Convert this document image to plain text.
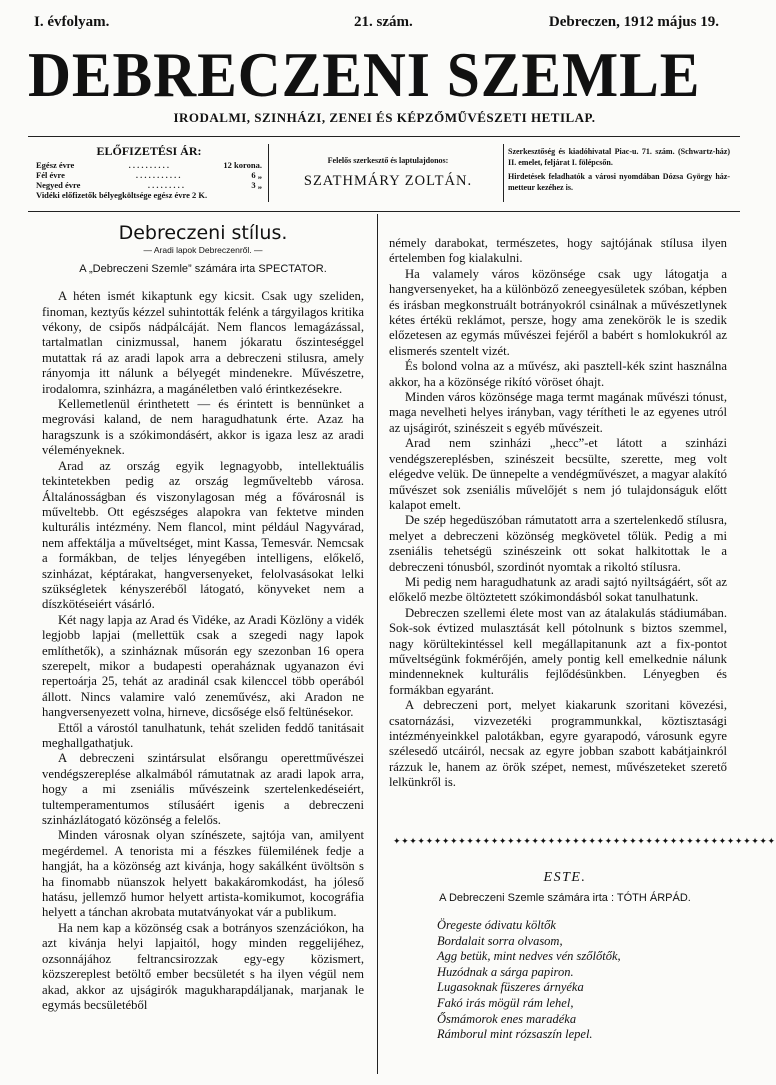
I. évfolyam.	21. szám.	Debreczen, 1912 május 19.
DEBRECZENI SZEMLE
IRODALMI, SZINHÁZI, ZENEI ÉS KÉPZŐMŰVÉSZETI HETILAP.
ELŐFIZETÉSI ÁR:
Egész évre	. . . . . . . . . .	12 korona.
Fél évre	. . . . . . . . . . .	6 „
Negyed évre	. . . . . . . . .	3 „
Vidéki előfizetők bélyegköltsége egész évre 2 K.
Felelős szerkesztő és laptulajdonos:
SZATHMÁRY ZOLTÁN.
Szerkesztőség és kiadóhivatal Piac-u. 71. szám. (Schwartz-ház) II. emelet, feljárat I. fölépcsőn.
Hirdetések feladhatók a városi nyomdában Dózsa György ház-metteur kezéhez is.
Debreczeni stílus.
— Aradi lapok Debreczenről. —
A „Debreczeni Szemle” számára irta SPECTATOR.

A héten ismét kikaptunk egy kicsit. Csak ugy szeliden, finoman, keztyűs kézzel suhintották felénk a tárgyilagos kritika vékony, de csipős nádpálcáját. Nem flancos lemagázással, tartalmatlan cinizmussal, hanem jókaratu őszinteséggel mutattak rá az aradi lapok arra a debreczeni stilusra, amely rányomja itt nálunk a bélyegét mindenekre. Művészetre, irodalomra, szinházra, a magánéletben való érintkezésekre.

Kellemetlenül érinthetett — és érintett is bennünket a megrovási kaland, de nem haragudhatunk érte. Azaz ha haragszunk is a szókimondásért, akkor is igaza lesz az aradi véleményeknek.

Arad az ország egyik legnagyobb, intellektuális tekintetekben pedig az ország legműveltebb városa. Általánosságban és viszonylagosan még a fővárosnál is műveltebb. Ott egészséges alapokra van fektetve minden kulturális intézmény. Nem flancol, mint például Nagyvárad, nem affektálja a műveltséget, mint Kassa, Temesvár. Nemcsak a formákban, de teljes lényegében intelligens, előkelő, szinházat, képtárakat, hangversenyeket, felolvasásokat lelki szükségletek kényszeréből látogató, könyveket nem a díszkötéseiért vásárló.

Két nagy lapja az Arad és Vidéke, az Aradi Közlöny a vidék legjobb lapjai (mellettük csak a szegedi nagy lapok említhetők), a szinháznak műsorán egy szezonban 16 opera szerepelt, mikor a budapesti operaháznak ugyanazon évi repertoárja 25, tehát az aradinál csak kilenccel több operából állott. Nincs valamire való zeneművész, aki Aradon ne hangversenyezett volna, hirneve, dicsősége első feltünésekor.

Ettől a várostól tanulhatunk, tehát szeliden feddő tanitásait meghallgathatjuk.

A debreczeni szintársulat elsőrangu operettművészei vendégszereplése alkalmából rámutatnak az aradi lapok arra, hogy a mi zseniális művészeink szertelenkedéseiért, tultemperamentumos stílusáért igenis a debreczeni szinházlátogató közönség a felelős.

Minden városnak olyan színészete, sajtója van, amilyent megérdemel. A tenorista mi a fészkes fülemilének fedje a hangját, ha a közönség azt kivánja, hogy sakálként üvöltsön s ha finomabb nüanszok helyett bakakáromkodást, ha jóleső hatásu, jellemző humor helyett artista-komikumot, kocográfia helyett a tánchan akrobata mutatványokat vár a publikum.

Ha nem kap a közönség csak a botrányos szenzációkon, ha azt kivánja helyi lapjaitól, hogy minden reggelijéhez, ozsonnájához feltrancsirozzak egy-egy közismert, közszereplest betöltő ember becsületét s ha ilyen végül nem akad, akkor az ujságirók magukharapdáljanak, marjanak le egymás becsületéből

némely darabokat, természetes, hogy sajtójának stílusa ilyen értelemben fog kialakulni.

Ha valamely város közönsége csak ugy látogatja a hangversenyeket, ha a különböző zeneegyesületek szóban, képben és irásban megkonstruált botrányokról csinálnak a művészetlynek kétes értékü reklámot, persze, hogy ama zenekörök le is szedik előzetesen az egymás művészei fejéről a babért s homlokukról az elismerés szentelt vizét.

És bolond volna az a művész, aki pasztell-kék szint használna akkor, ha a közönsége rikító vöröset óhajt.

Minden város közönsége maga termt magának művészi tónust, maga nevelheti helyes irányban, vagy térítheti le az egyenes utról az ujságirót, szinészeit s egyéb művészeit.

Arad nem szinházi „hecc”-et látott a szinházi vendégszereplésben, szinészeit becsülte, szerette, meg volt elégedve velük. De ünnepelte a vendégművészet, a magyar alakító művészet sok zseniális művelőjét s nem jó tulajdonságuk előtt kalapot emelt.

De szép hegedüszóban rámutatott arra a szertelenkedő stílusra, melyet a debreczeni közönség megkövetel tőlük. Pedig a mi zseniális tehetségü szinészeink ott sokat halkitottak le a debreczeni tónusból, szordinót nyomtak a rikoltó stílusra.

Mi pedig nem haragudhatunk az aradi sajtó nyiltságáért, sőt az előkelő mezbe öltöztetett szókimondásból sokat tanulhatunk.

Debreczen szellemi élete most van az átalakulás stádiumában. Sok-sok évtized mulasztását kell pótolnunk s biztos szemmel, nagy körültekintéssel kell megállapitanunk azt a fix-pontot műveltségünk fokmérőjén, amely pontig kell emelkednie nálunk mindenneknek kulturális fejlődésünkben. Lényegben és formákban egyaránt.

A debreczeni port, melyet kiakarunk szoritani kövezési, csatornázási, vizvezetéki programmunkkal, köztisztasági intézményeinkkel palotákban, egyre gyarapodó, városunk egyre szélesedő utcáiról, necsak az egyre jobban szabott kabátjainkról rázzuk le, hanem az örök szépet, nemest, művészeteket szerető lelkünkről is.

✦✦✦✦✦✦✦✦✦✦✦✦✦✦✦✦✦✦✦✦✦✦✦✦✦✦✦✦✦✦✦✦✦✦✦✦✦✦✦✦✦✦✦✦✦✦✦
ESTE.
A Debreczeni Szemle számára irta : TÓTH ÁRPÁD.
Öregeste ódivatu költők
Bordalait sorra olvasom,
Agg betük, mint nedves vén szőlőtők,
Huzódnak a sárga papiron.
Lugasoknak füszeres árnyéka
Fakó irás mögül rám lehel,
Ősmámorok enes maradéka
Rámborul mint rózsaszín lepel.
